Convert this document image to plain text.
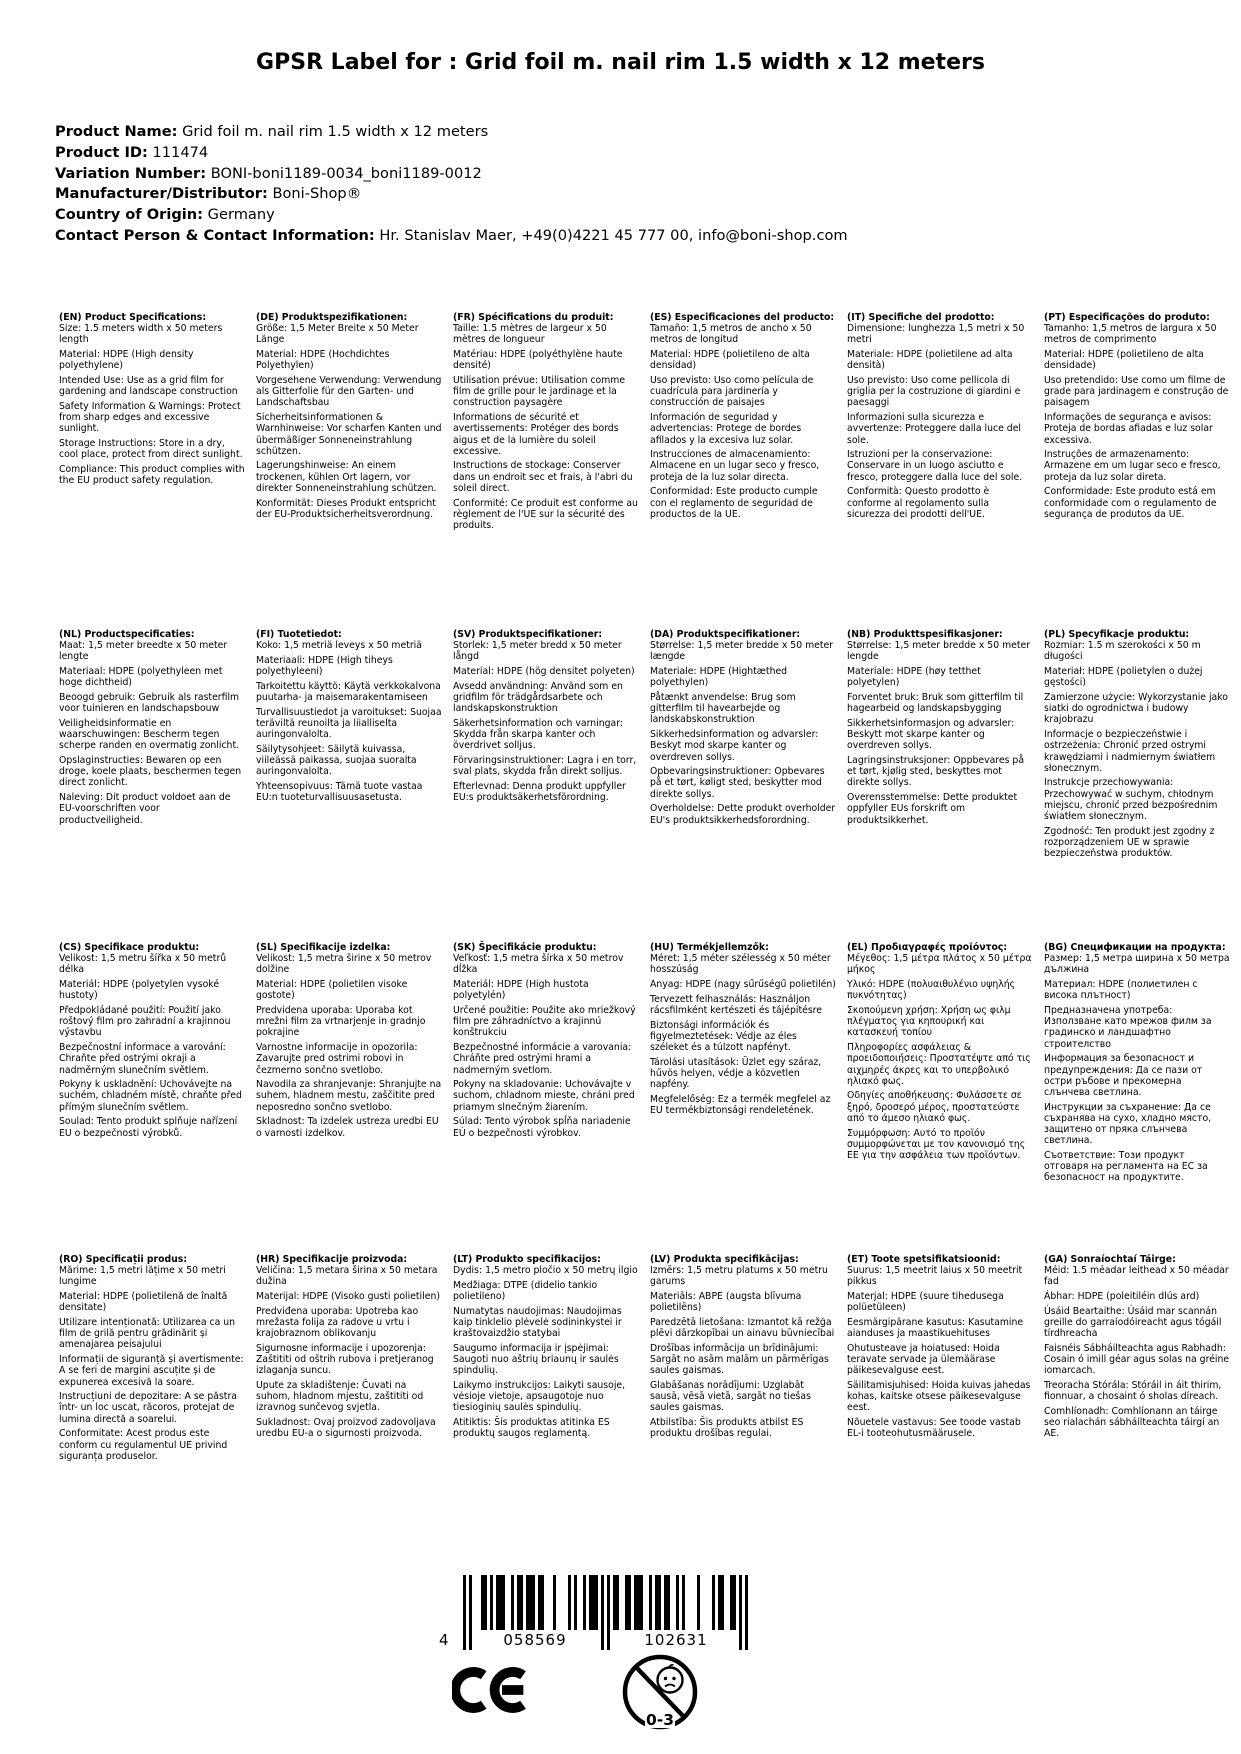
GPSR Label for : Grid foil m. nail rim 1.5 width x 12 meters
Product Name: Grid foil m. nail rim 1.5 width x 12 meters
Product ID: 111474
Variation Number: BONI-boni1189-0034_boni1189-0012
Manufacturer/Distributor: Boni-Shop®
Country of Origin: Germany
Contact Person & Contact Information: Hr. Stanislav Maer, +49(0)4221 45 777 00, info@boni-shop.com
(EN) Product Specifications:

Size: 1.5 meters width x 50 meters length

Material: HDPE (High density polyethylene)

Intended Use: Use as a grid film for gardening and landscape construction

Safety Information & Warnings: Protect from sharp edges and excessive sunlight.

Storage Instructions: Store in a dry, cool place, protect from direct sunlight.

Compliance: This product complies with the EU product safety regulation.

(DE) Produktspezifikationen:

Größe: 1,5 Meter Breite x 50 Meter Länge

Material: HDPE (Hochdichtes Polyethylen)

Vorgesehene Verwendung: Verwendung als Gitterfolie für den Garten- und Landschaftsbau

Sicherheitsinformationen & Warnhinweise: Vor scharfen Kanten und übermäßiger Sonneneinstrahlung schützen.

Lagerungshinweise: An einem trockenen, kühlen Ort lagern, vor direkter Sonneneinstrahlung schützen.

Konformität: Dieses Produkt entspricht der EU-Produktsicherheitsverordnung.

(FR) Spécifications du produit:

Taille: 1.5 mètres de largeur x 50 mètres de longueur

Matériau: HDPE (polyéthylène haute densité)

Utilisation prévue: Utilisation comme film de grille pour le jardinage et la construction paysagère

Informations de sécurité et avertissements: Protéger des bords aigus et de la lumière du soleil excessive.

Instructions de stockage: Conserver dans un endroit sec et frais, à l'abri du soleil direct.

Conformité: Ce produit est conforme au règlement de l'UE sur la sécurité des produits.

(ES) Especificaciones del producto:

Tamaño: 1,5 metros de ancho x 50 metros de longitud

Material: HDPE (polietileno de alta densidad)

Uso previsto: Uso como película de cuadrícula para jardinería y construcción de paisajes

Información de seguridad y advertencias: Protege de bordes afilados y la excesiva luz solar.

Instrucciones de almacenamiento: Almacene en un lugar seco y fresco, proteja de la luz solar directa.

Conformidad: Este producto cumple con el reglamento de seguridad de productos de la UE.

(IT) Specifiche del prodotto:

Dimensione: lunghezza 1,5 metri x 50 metri

Materiale: HDPE (polietilene ad alta densità)

Uso previsto: Uso come pellicola di griglia per la costruzione di giardini e paesaggi

Informazioni sulla sicurezza e avvertenze: Proteggere dalla luce del sole.

Istruzioni per la conservazione: Conservare in un luogo asciutto e fresco, proteggere dalla luce del sole.

Conformità: Questo prodotto è conforme al regolamento sulla sicurezza dei prodotti dell'UE.

(PT) Especificações do produto:

Tamanho: 1,5 metros de largura x 50 metros de comprimento

Material: HDPE (polietileno de alta densidade)

Uso pretendido: Use como um filme de grade para jardinagem e construção de paisagem

Informações de segurança e avisos: Proteja de bordas afiadas e luz solar excessiva.

Instruções de armazenamento: Armazene em um lugar seco e fresco, proteja da luz solar direta.

Conformidade: Este produto está em conformidade com o regulamento de segurança de produtos da UE.

(NL) Productspecificaties:

Maat: 1,5 meter breedte x 50 meter lengte

Materiaal: HDPE (polyethyleen met hoge dichtheid)

Beoogd gebruik: Gebruik als rasterfilm voor tuinieren en landschapsbouw

Veiligheidsinformatie en waarschuwingen: Bescherm tegen scherpe randen en overmatig zonlicht.

Opslaginstructies: Bewaren op een droge, koele plaats, beschermen tegen direct zonlicht.

Naleving: Dit product voldoet aan de EU-voorschriften voor productveiligheid.

(FI) Tuotetiedot:

Koko: 1,5 metriä leveys x 50 metriä

Materiaali: HDPE (High tiheys polyethyleeni)

Tarkoitettu käyttö: Käytä verkkokalvona puutarha- ja maisemarakentamiseen

Turvallisuustiedot ja varoitukset: Suojaa teräviltä reunoilta ja liialliselta auringonvalolta.

Säilytysohjeet: Säilytä kuivassa, viileässä paikassa, suojaa suoralta auringonvalolta.

Yhteensopivuus: Tämä tuote vastaa EU:n tuoteturvallisuusasetusta.

(SV) Produktspecifikationer:

Storlek: 1,5 meter bredd x 50 meter långd

Material: HDPE (hög densitet polyeten)

Avsedd användning: Använd som en gridfilm för trädgårdsarbete och landskapskonstruktion

Säkerhetsinformation och varningar: Skydda från skarpa kanter och överdrivet solljus.

Förvaringsinstruktioner: Lagra i en torr, sval plats, skydda från direkt solljus.

Efterlevnad: Denna produkt uppfyller EU:s produktsäkerhetsförordning.

(DA) Produktspecifikationer:

Størrelse: 1,5 meter bredde x 50 meter længde

Materiale: HDPE (Hightæthed polyethylen)

Påtænkt anvendelse: Brug som gitterfilm til havearbejde og landskabskonstruktion

Sikkerhedsinformation og advarsler: Beskyt mod skarpe kanter og overdreven sollys.

Opbevaringsinstruktioner: Opbevares på et tørt, køligt sted, beskytter mod direkte sollys.

Overholdelse: Dette produkt overholder EU's produktsikkerhedsforordning.

(NB) Produkttspesifikasjoner:

Størrelse: 1,5 meter bredde x 50 meter lengde

Materiale: HDPE (høy tetthet polyetylen)

Forventet bruk: Bruk som gitterfilm til hagearbeid og landskapsbygging

Sikkerhetsinformasjon og advarsler: Beskytt mot skarpe kanter og overdreven sollys.

Lagringsinstruksjoner: Oppbevares på et tørt, kjølig sted, beskyttes mot direkte sollys.

Overensstemmelse: Dette produktet oppfyller EUs forskrift om produktsikkerhet.

(PL) Specyfikacje produktu:

Rozmiar: 1.5 m szerokości x 50 m długości

Materiał: HDPE (polietylen o dużej gęstości)

Zamierzone użycie: Wykorzystanie jako siatki do ogrodnictwa i budowy krajobrazu

Informacje o bezpieczeństwie i ostrzeżenia: Chronić przed ostrymi krawędziami i nadmiernym światłem słonecznym.

Instrukcje przechowywania: Przechowywać w suchym, chłodnym miejscu, chronić przed bezpośrednim światłem słonecznym.

Zgodność: Ten produkt jest zgodny z rozporządzeniem UE w sprawie bezpieczeństwa produktów.

(CS) Specifikace produktu:

Velikost: 1,5 metru šířka x 50 metrů délka

Materiál: HDPE (polyetylen vysoké hustoty)

Předpokládané použití: Použití jako roštový film pro zahradní a krajinnou výstavbu

Bezpečnostní informace a varování: Chraňte před ostrými okraji a nadměrným slunečním světlem.

Pokyny k uskladnění: Uchovávejte na suchém, chladném místě, chraňte před přímým slunečním světlem.

Soulad: Tento produkt splňuje nařízení EU o bezpečnosti výrobků.

(SL) Specifikacije izdelka:

Velikost: 1,5 metra širine x 50 metrov dolžine

Material: HDPE (polietilen visoke gostote)

Predvidena uporaba: Uporaba kot mrežni film za vrtnarjenje in gradnjo pokrajine

Varnostne informacije in opozorila: Zavarujte pred ostrimi robovi in čezmerno sončno svetlobo.

Navodila za shranjevanje: Shranjujte na suhem, hladnem mestu, zaščitite pred neposredno sončno svetlobo.

Skladnost: Ta izdelek ustreza uredbi EU o varnosti izdelkov.

(SK) Špecifikácie produktu:

Veľkosť: 1,5 metra šírka x 50 metrov dĺžka

Materiál: HDPE (High hustota polyetylén)

Určené použitie: Použite ako mriežkový film pre záhradníctvo a krajinnú konštrukciu

Bezpečnostné informácie a varovania: Chráňte pred ostrými hrami a nadmerným svetlom.

Pokyny na skladovanie: Uchovávajte v suchom, chladnom mieste, chráni pred priamym slnečným žiarením.

Súlad: Tento výrobok spĺňa nariadenie EÚ o bezpečnosti výrobkov.

(HU) Termékjellemzők:

Méret: 1,5 méter szélesség x 50 méter hosszúság

Anyag: HDPE (nagy sűrűségű polietilén)

Tervezett felhasználás: Használjon rácsfilmként kertészeti és tájépítésre

Biztonsági információk és figyelmeztetések: Védje az éles széleket és a túlzott napfényt.

Tárolási utasítások: Üzlet egy száraz, hűvös helyen, védje a közvetlen napfény.

Megfelelőség: Ez a termék megfelel az EU termékbiztonsági rendeletének.

(EL) Προδιαγραφές προϊόντος:

Μέγεθος: 1,5 μέτρα πλάτος x 50 μέτρα μήκος

Υλικό: HDPE (πολυαιθυλένιο υψηλής πυκνότητας)

Σκοπούμενη χρήση: Χρήση ως φιλμ πλέγματος για κηπουρική και κατασκευή τοπίου

Πληροφορίες ασφάλειας & προειδοποιήσεις: Προστατέψτε από τις αιχμηρές άκρες και το υπερβολικό ηλιακό φως.

Οδηγίες αποθήκευσης: Φυλάσσετε σε ξηρό, δροσερό μέρος, προστατεύστε από το άμεσο ηλιακό φως.

Συμμόρφωση: Αυτό το προϊόν συμμορφώνεται με τον κανονισμό της ΕΕ για την ασφάλεια των προϊόντων.

(BG) Спецификации на продукта:

Размер: 1,5 метра ширина x 50 метра дължина

Материал: HDPE (полиетилен с висока плътност)

Предназначена употреба: Използване като мрежов филм за градинско и ландшафтно строителство

Информация за безопасност и предупреждения: Да се пази от остри ръбове и прекомерна слънчева светлина.

Инструкции за съхранение: Да се съхранява на сухо, хладно място, защитено от пряка слънчева светлина.

Съответствие: Този продукт отговаря на регламента на ЕС за безопасност на продуктите.

(RO) Specificații produs:

Mărime: 1,5 metri lățime x 50 metri lungime

Material: HDPE (polietilenă de înaltă densitate)

Utilizare intenționată: Utilizarea ca un film de grilă pentru grădinărit și amenajarea peisajului

Informații de siguranță și avertismente: A se feri de margini ascuțite și de expunerea excesivă la soare.

Instrucțiuni de depozitare: A se păstra într- un loc uscat, răcoros, protejat de lumina directă a soarelui.

Conformitate: Acest produs este conform cu regulamentul UE privind siguranța produselor.

(HR) Specifikacije proizvoda:

Veličina: 1,5 metara širina x 50 metara dužina

Materijal: HDPE (Visoko gusti polietilen)

Predviđena uporaba: Upotreba kao mrežasta folija za radove u vrtu i krajobraznom oblikovanju

Sigurnosne informacije i upozorenja: Zaštititi od oštrih rubova i pretjeranog izlaganja suncu.

Upute za skladištenje: Čuvati na suhom, hladnom mjestu, zaštititi od izravnog sunčevog svjetla.

Sukladnost: Ovaj proizvod zadovoljava uredbu EU-a o sigurnosti proizvoda.

(LT) Produkto specifikacijos:

Dydis: 1,5 metro pločio x 50 metrų ilgio

Medžiaga: DTPE (didelio tankio polietileno)

Numatytas naudojimas: Naudojimas kaip tinklelio plėvelė sodininkystei ir kraštovaizdžio statybai

Saugumo informacija ir įspėjimai: Saugoti nuo aštrių briaunų ir saulės spindulių.

Laikymo instrukcijos: Laikyti sausoje, vėsioje vietoje, apsaugotoje nuo tiesioginių saulės spindulių.

Atitiktis: Šis produktas atitinka ES produktų saugos reglamentą.

(LV) Produkta specifikācijas:

Izmērs: 1,5 metru platums x 50 metru garums

Materiāls: ABPE (augsta blīvuma polietilēns)

Paredzētā lietošana: Izmantot kā režģa plēvi dārzkopībai un ainavu būvniecībai

Drošības informācija un brīdinājumi: Sargāt no asām malām un pārmērīgas saules gaismas.

Glabāšanas norādījumi: Uzglabāt sausā, vēsā vietā, sargāt no tiešas saules gaismas.

Atbilstība: Šis produkts atbilst ES produktu drošības regulai.

(ET) Toote spetsifikatsioonid:

Suurus: 1,5 meetrit laius x 50 meetrit pikkus

Materjal: HDPE (suure tihedusega polüetüleen)

Eesmärgipärane kasutus: Kasutamine aianduses ja maastikuehituses

Ohutusteave ja hoiatused: Hoida teravate servade ja ülemäärase päikesevalguse eest.

Säilitamisjuhised: Hoida kuivas jahedas kohas, kaitske otsese päikesevalguse eest.

Nõuetele vastavus: See toode vastab EL-i tooteohutusmäärusele.

(GA) Sonraíochtaí Táirge:

Méid: 1.5 méadar leithead x 50 méadar fad

Ábhar: HDPE (poleitiléin dlús ard)

Úsáid Beartaithe: Úsáid mar scannán greille do garraíodóireacht agus tógáil tírdhreacha

Faisnéis Sábháilteachta agus Rabhadh: Cosain ó imill géar agus solas na gréine iomarcach.

Treoracha Stórála: Stóráil in áit thirim, fionnuar, a chosaint ó sholas díreach.

Comhlíonadh: Comhlíonann an táirge seo rialachán sábháilteachta táirgí an AE.

4	058569	102631
0-3
